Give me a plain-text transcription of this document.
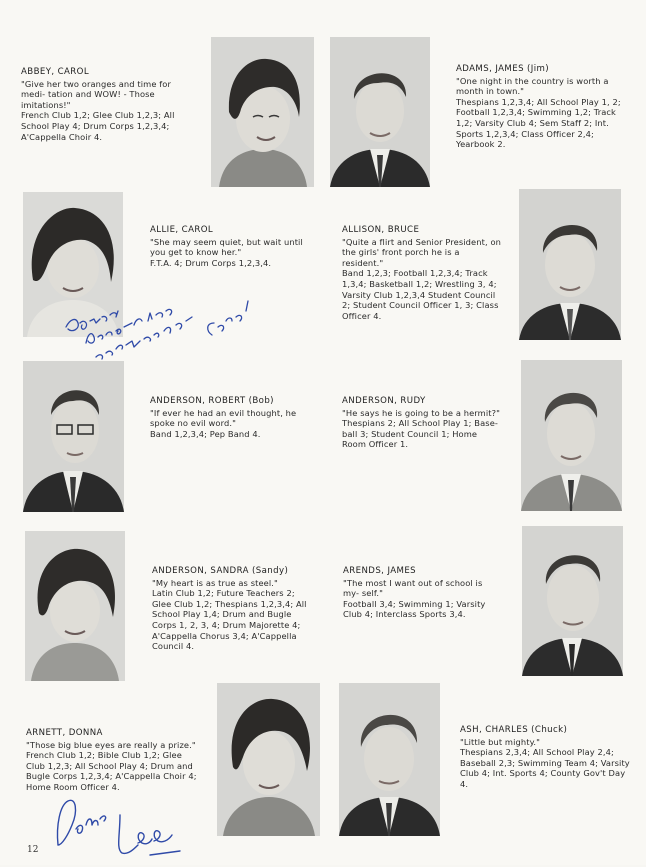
ABBEY, CAROL
"Give her two oranges and time for medi- tation and WOW! - Those imitations!"
French Club 1,2; Glee Club 1,2,3; All School Play 4; Drum Corps 1,2,3,4; A'Cappella Choir 4.
ADAMS, JAMES (Jim)
"One night in the country is worth a month in town."
Thespians 1,2,3,4; All School Play 1, 2; Football 1,2,3,4; Swimming 1,2; Track 1,2; Varsity Club 4; Sem Staff 2; Int. Sports 1,2,3,4; Class Officer 2,4; Yearbook 2.
ALLIE, CAROL
"She may seem quiet, but wait until you get to know her."
F.T.A. 4; Drum Corps 1,2,3,4.
ALLISON, BRUCE
"Quite a flirt and Senior President, on the girls' front porch he is a resident."
Band 1,2,3; Football 1,2,3,4; Track 1,3,4; Basketball 1,2; Wrestling 3, 4; Varsity Club 1,2,3,4 Student Council 2; Student Council Officer 1, 3; Class Officer 4.
ANDERSON, ROBERT (Bob)
"If ever he had an evil thought, he spoke no evil word."
Band 1,2,3,4; Pep Band 4.
ANDERSON, RUDY
"He says he is going to be a hermit?"
Thespians 2; All School Play 1; Base- ball 3; Student Council 1; Home Room Officer 1.
ANDERSON, SANDRA (Sandy)
"My heart is as true as steel."
Latin Club 1,2; Future Teachers 2; Glee Club 1,2; Thespians 1,2,3,4; All School Play 1,4; Drum and Bugle Corps 1, 2, 3, 4; Drum Majorette 4; A'Cappella Chorus 3,4; A'Cappella Council 4.
ARENDS, JAMES
"The most I want out of school is my- self."
Football 3,4; Swimming 1; Varsity Club 4; Interclass Sports 3,4.
ARNETT, DONNA
"Those big blue eyes are really a prize."
French Club 1,2; Bible Club 1,2; Glee Club 1,2,3; All School Play 4; Drum and Bugle Corps 1,2,3,4; A'Cappella Choir 4; Home Room Officer 4.
ASH, CHARLES (Chuck)
"Little but mighty."
Thespians 2,3,4; All School Play 2,4; Baseball 2,3; Swimming Team 4; Varsity Club 4; Int. Sports 4; County Gov't Day 4.
12
